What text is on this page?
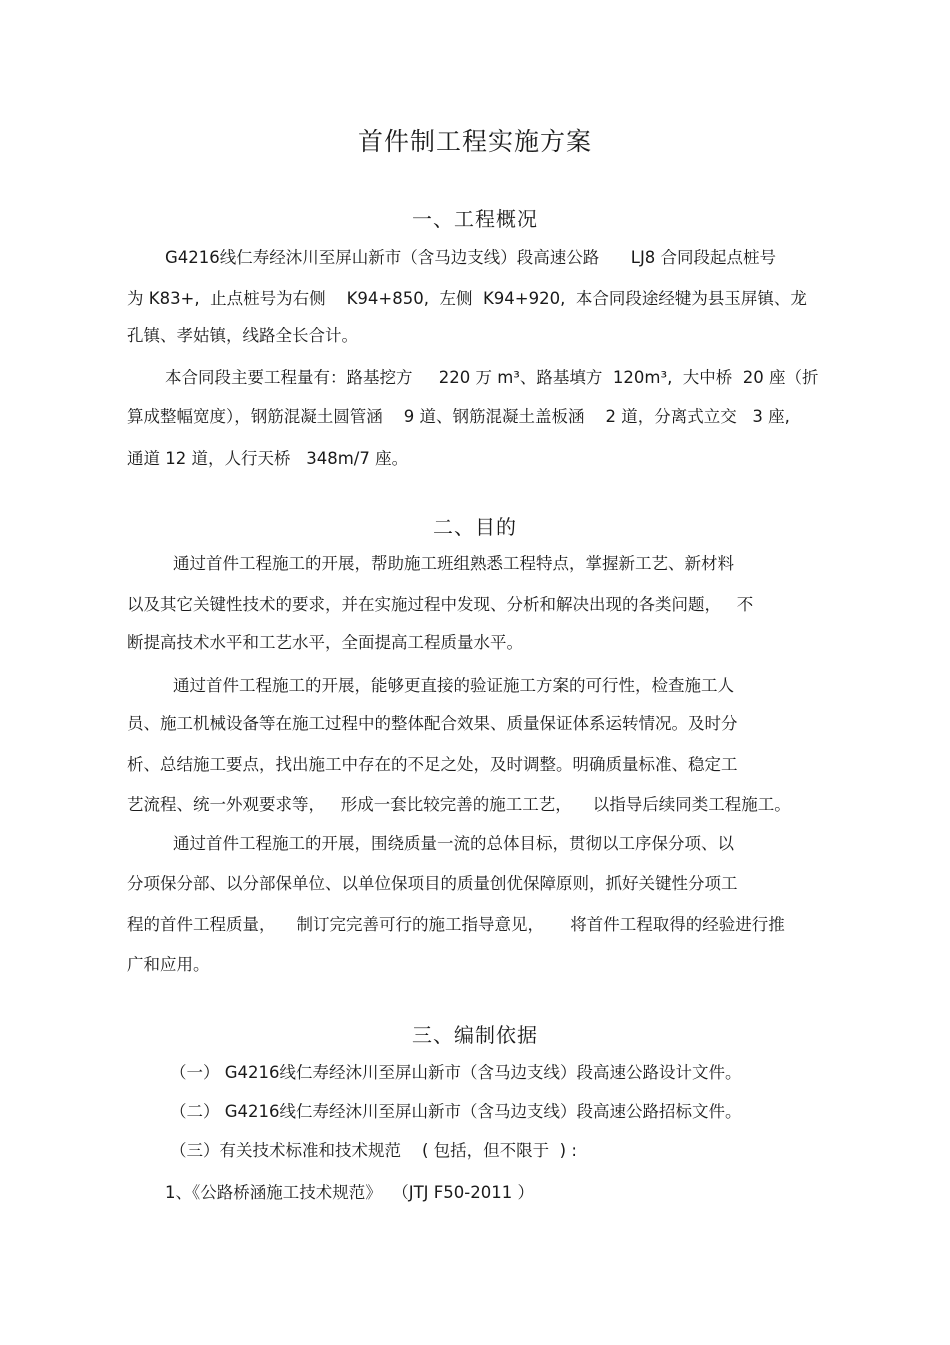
首件制工程实施方案
一、工程概况
G4216线仁寿经沐川至屏山新市（含马边支线）段高速公路      LJ8 合同段起点桩号
为 K83+,  止点桩号为右侧    K94+850,  左侧  K94+920,  本合同段途经犍为县玉屏镇、龙
孔镇、孝姑镇，线路全长合计。
本合同段主要工程量有：路基挖方     220 万 m³、路基填方  120m³,  大中桥  20 座（折
算成整幅宽度），钢筋混凝土圆管涵    9 道、钢筋混凝土盖板涵    2 道，分离式立交   3 座,
通道 12 道，人行天桥   348m/7 座。
二、目的
通过首件工程施工的开展，帮助施工班组熟悉工程特点，掌握新工艺、新材料
以及其它关键性技术的要求，并在实施过程中发现、分析和解决出现的各类问题，   不
断提高技术水平和工艺水平，全面提高工程质量水平。
通过首件工程施工的开展，能够更直接的验证施工方案的可行性，检查施工人
员、施工机械设备等在施工过程中的整体配合效果、质量保证体系运转情况。及时分
析、总结施工要点，找出施工中存在的不足之处，及时调整。明确质量标准、稳定工
艺流程、统一外观要求等，   形成一套比较完善的施工工艺，    以指导后续同类工程施工。
通过首件工程施工的开展，围绕质量一流的总体目标，贯彻以工序保分项、以
分项保分部、以分部保单位、以单位保项目的质量创优保障原则，抓好关键性分项工
程的首件工程质量，    制订完完善可行的施工指导意见，     将首件工程取得的经验进行推
广和应用。
三、编制依据
（一） G4216线仁寿经沐川至屏山新市（含马边支线）段高速公路设计文件。
（二） G4216线仁寿经沐川至屏山新市（含马边支线）段高速公路招标文件。
（三）有关技术标准和技术规范    ( 包括，但不限于  ) :
1、《公路桥涵施工技术规范》  （JTJ F50-2011 ）
